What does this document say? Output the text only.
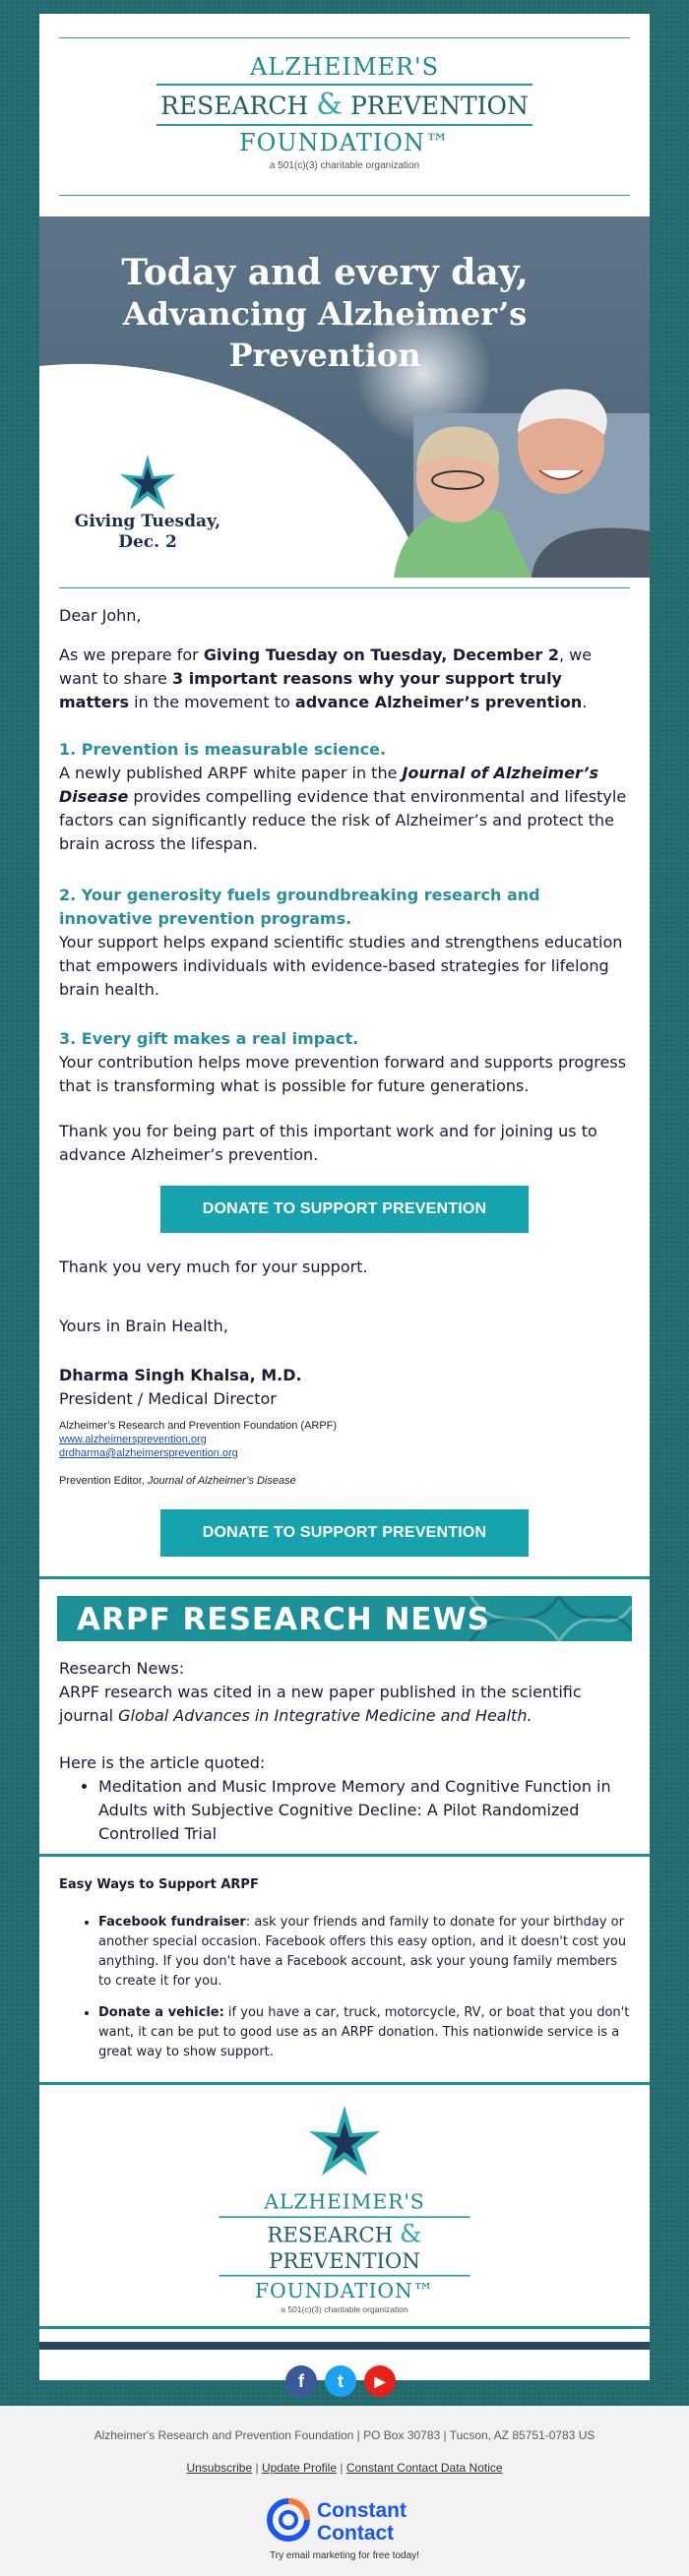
ALZHEIMER'S
RESEARCH & PREVENTION
FOUNDATION™
a 501(c)(3) charitable organization
Today and every day,
Advancing Alzheimer’s
Prevention
Giving Tuesday,
Dec. 2
Dear John,
As we prepare for Giving Tuesday on Tuesday, December 2, we want to share 3 important reasons why your support truly matters in the movement to advance Alzheimer’s prevention.
1. Prevention is measurable science.
A newly published ARPF white paper in the Journal of Alzheimer’s Disease provides compelling evidence that environmental and lifestyle factors can significantly reduce the risk of Alzheimer’s and protect the brain across the lifespan.
2. Your generosity fuels groundbreaking research and innovative prevention programs.
Your support helps expand scientific studies and strengthens education that empowers individuals with evidence-based strategies for lifelong brain health.
3. Every gift makes a real impact.
Your contribution helps move prevention forward and supports progress that is transforming what is possible for future generations.
Thank you for being part of this important work and for joining us to advance Alzheimer’s prevention.
DONATE TO SUPPORT PREVENTION
Thank you very much for your support.
Yours in Brain Health,
Dharma Singh Khalsa, M.D.
President / Medical Director
Alzheimer’s Research and Prevention Foundation (ARPF)
www.alzheimersprevention.org
drdharma@alzheimersprevention.org
Prevention Editor, Journal of Alzheimer’s Disease
DONATE TO SUPPORT PREVENTION
ARPF RESEARCH NEWS
Research News:
ARPF research was cited in a new paper published in the scientific journal Global Advances in Integrative Medicine and Health.
Here is the article quoted:
• Meditation and Music Improve Memory and Cognitive Function in Adults with Subjective Cognitive Decline: A Pilot Randomized Controlled Trial
Easy Ways to Support ARPF
• Facebook fundraiser: ask your friends and family to donate for your birthday or another special occasion. Facebook offers this easy option, and it doesn't cost you anything. If you don't have a Facebook account, ask your young family members to create it for you.
• Donate a vehicle: if you have a car, truck, motorcycle, RV, or boat that you don't want, it can be put to good use as an ARPF donation. This nationwide service is a great way to show support.
ALZHEIMER'S
RESEARCH & PREVENTION
FOUNDATION™
a 501(c)(3) charitable organization
f	t	▶
Alzheimer's Research and Prevention Foundation | PO Box 30783 | Tucson, AZ 85751-0783 US
Unsubscribe | Update Profile | Constant Contact Data Notice
Constant
Contact
Try email marketing for free today!
